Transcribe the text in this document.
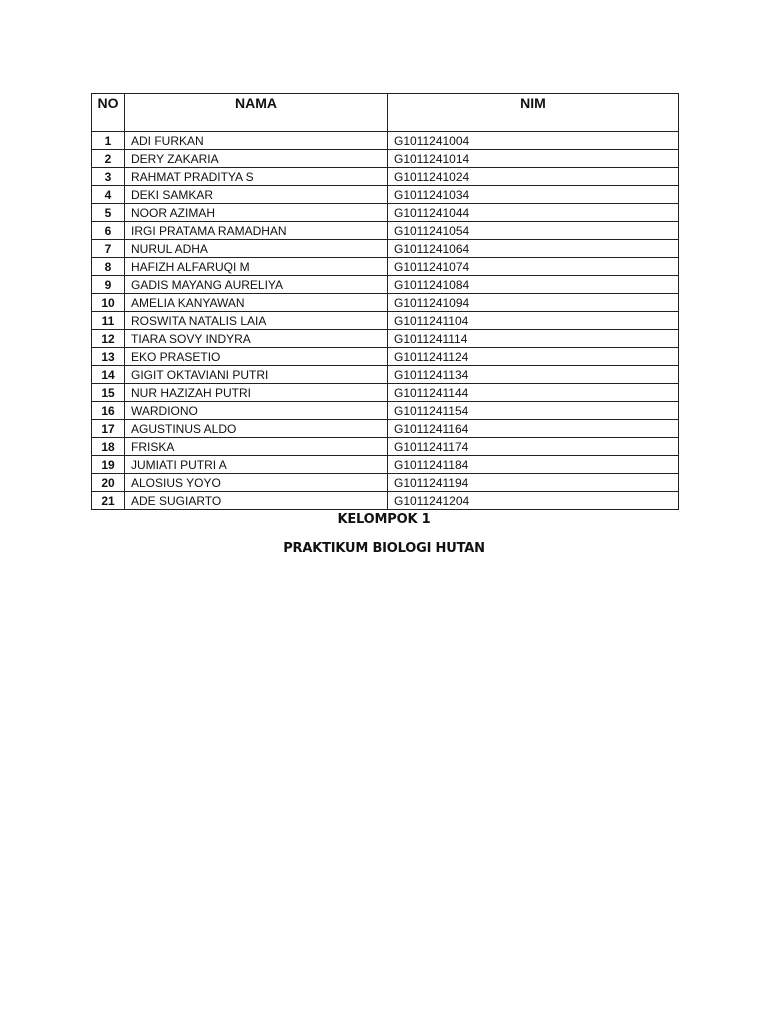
NO	NAMA	NIM
1	ADI FURKAN	G1011241004
2	DERY ZAKARIA	G1011241014
3	RAHMAT PRADITYA S	G1011241024
4	DEKI SAMKAR	G1011241034
5	NOOR AZIMAH	G1011241044
6	IRGI PRATAMA RAMADHAN	G1011241054
7	NURUL ADHA	G1011241064
8	HAFIZH ALFARUQI M	G1011241074
9	GADIS MAYANG AURELIYA	G1011241084
10	AMELIA KANYAWAN	G1011241094
11	ROSWITA NATALIS LAIA	G1011241104
12	TIARA SOVY INDYRA	G1011241114
13	EKO PRASETIO	G1011241124
14	GIGIT OKTAVIANI PUTRI	G1011241134
15	NUR HAZIZAH PUTRI	G1011241144
16	WARDIONO	G1011241154
17	AGUSTINUS ALDO	G1011241164
18	FRISKA	G1011241174
19	JUMIATI PUTRI A	G1011241184
20	ALOSIUS YOYO	G1011241194
21	ADE SUGIARTO	G1011241204
KELOMPOK 1
PRAKTIKUM BIOLOGI HUTAN
